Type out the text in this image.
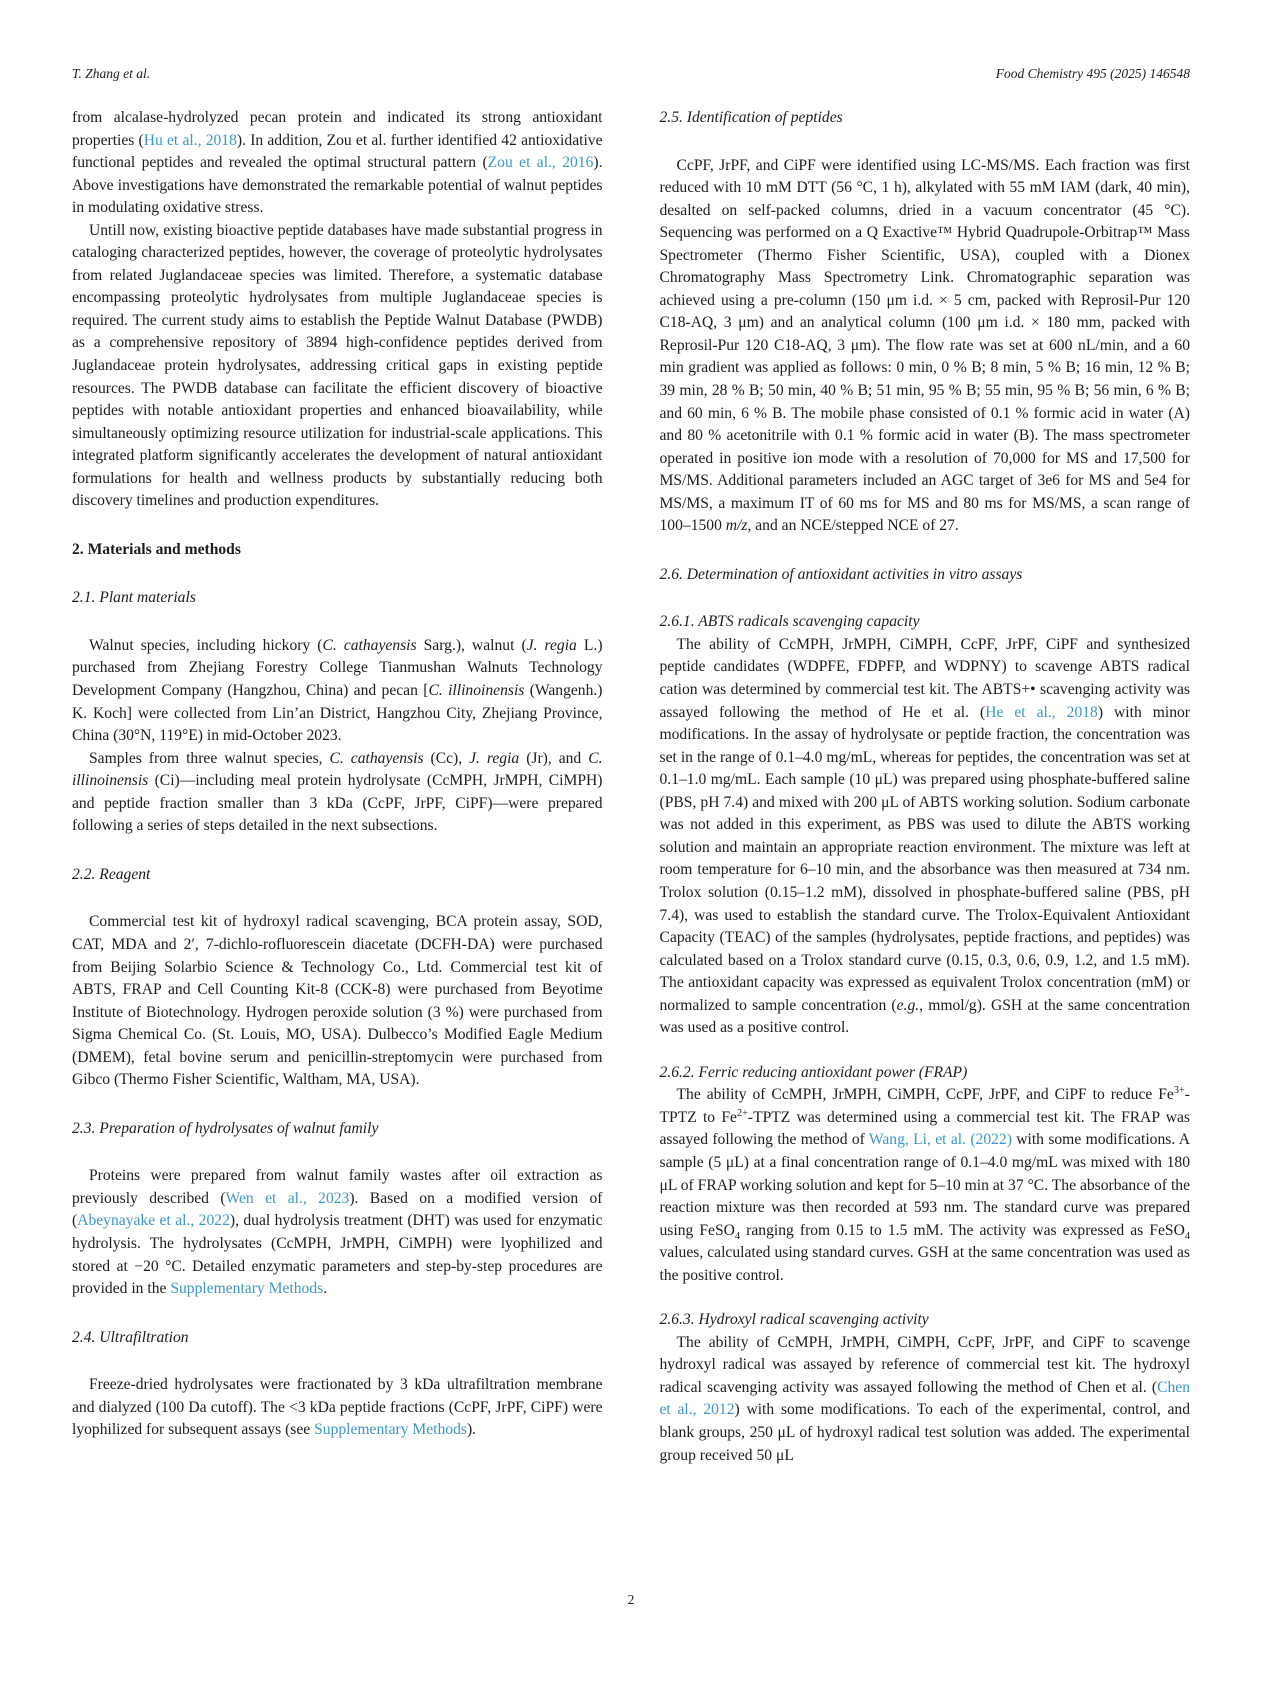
T. Zhang et al.	Food Chemistry 495 (2025) 146548

from alcalase-hydrolyzed pecan protein and indicated its strong antioxidant properties (Hu et al., 2018). In addition, Zou et al. further identified 42 antioxidative functional peptides and revealed the optimal structural pattern (Zou et al., 2016). Above investigations have demonstrated the remarkable potential of walnut peptides in modulating oxidative stress.

Untill now, existing bioactive peptide databases have made substantial progress in cataloging characterized peptides, however, the coverage of proteolytic hydrolysates from related Juglandaceae species was limited. Therefore, a systematic database encompassing proteolytic hydrolysates from multiple Juglandaceae species is required. The current study aims to establish the Peptide Walnut Database (PWDB) as a comprehensive repository of 3894 high-confidence peptides derived from Juglandaceae protein hydrolysates, addressing critical gaps in existing peptide resources. The PWDB database can facilitate the efficient discovery of bioactive peptides with notable antioxidant properties and enhanced bioavailability, while simultaneously optimizing resource utilization for industrial-scale applications. This integrated platform significantly accelerates the development of natural antioxidant formulations for health and wellness products by substantially reducing both discovery timelines and production expenditures.

2. Materials and methods
2.1. Plant materials

Walnut species, including hickory (C. cathayensis Sarg.), walnut (J. regia L.) purchased from Zhejiang Forestry College Tianmushan Walnuts Technology Development Company (Hangzhou, China) and pecan [C. illinoinensis (Wangenh.) K. Koch] were collected from Lin’an District, Hangzhou City, Zhejiang Province, China (30°N, 119°E) in mid-October 2023.

Samples from three walnut species, C. cathayensis (Cc), J. regia (Jr), and C. illinoinensis (Ci)—including meal protein hydrolysate (CcMPH, JrMPH, CiMPH) and peptide fraction smaller than 3 kDa (CcPF, JrPF, CiPF)—were prepared following a series of steps detailed in the next subsections.

2.2. Reagent

Commercial test kit of hydroxyl radical scavenging, BCA protein assay, SOD, CAT, MDA and 2′, 7-dichlo-rofluorescein diacetate (DCFH-DA) were purchased from Beijing Solarbio Science & Technology Co., Ltd. Commercial test kit of ABTS, FRAP and Cell Counting Kit-8 (CCK-8) were purchased from Beyotime Institute of Biotechnology. Hydrogen peroxide solution (3 %) were purchased from Sigma Chemical Co. (St. Louis, MO, USA). Dulbecco’s Modified Eagle Medium (DMEM), fetal bovine serum and penicillin-streptomycin were purchased from Gibco (Thermo Fisher Scientific, Waltham, MA, USA).

2.3. Preparation of hydrolysates of walnut family

Proteins were prepared from walnut family wastes after oil extraction as previously described (Wen et al., 2023). Based on a modified version of (Abeynayake et al., 2022), dual hydrolysis treatment (DHT) was used for enzymatic hydrolysis. The hydrolysates (CcMPH, JrMPH, CiMPH) were lyophilized and stored at −20 °C. Detailed enzymatic parameters and step-by-step procedures are provided in the Supplementary Methods.

2.4. Ultrafiltration

Freeze-dried hydrolysates were fractionated by 3 kDa ultrafiltration membrane and dialyzed (100 Da cutoff). The <3 kDa peptide fractions (CcPF, JrPF, CiPF) were lyophilized for subsequent assays (see Supplementary Methods).

2.5. Identification of peptides

CcPF, JrPF, and CiPF were identified using LC-MS/MS. Each fraction was first reduced with 10 mM DTT (56 °C, 1 h), alkylated with 55 mM IAM (dark, 40 min), desalted on self-packed columns, dried in a vacuum concentrator (45 °C). Sequencing was performed on a Q Exactive™ Hybrid Quadrupole-Orbitrap™ Mass Spectrometer (Thermo Fisher Scientific, USA), coupled with a Dionex Chromatography Mass Spectrometry Link. Chromatographic separation was achieved using a pre-column (150 μm i.d. × 5 cm, packed with Reprosil-Pur 120 C18-AQ, 3 μm) and an analytical column (100 μm i.d. × 180 mm, packed with Reprosil-Pur 120 C18-AQ, 3 μm). The flow rate was set at 600 nL/min, and a 60 min gradient was applied as follows: 0 min, 0 % B; 8 min, 5 % B; 16 min, 12 % B; 39 min, 28 % B; 50 min, 40 % B; 51 min, 95 % B; 55 min, 95 % B; 56 min, 6 % B; and 60 min, 6 % B. The mobile phase consisted of 0.1 % formic acid in water (A) and 80 % acetonitrile with 0.1 % formic acid in water (B). The mass spectrometer operated in positive ion mode with a resolution of 70,000 for MS and 17,500 for MS/MS. Additional parameters included an AGC target of 3e6 for MS and 5e4 for MS/MS, a maximum IT of 60 ms for MS and 80 ms for MS/MS, a scan range of 100–1500 m/z, and an NCE/stepped NCE of 27.

2.6. Determination of antioxidant activities in vitro assays
2.6.1. ABTS radicals scavenging capacity

The ability of CcMPH, JrMPH, CiMPH, CcPF, JrPF, CiPF and synthesized peptide candidates (WDPFE, FDPFP, and WDPNY) to scavenge ABTS radical cation was determined by commercial test kit. The ABTS+• scavenging activity was assayed following the method of He et al. (He et al., 2018) with minor modifications. In the assay of hydrolysate or peptide fraction, the concentration was set in the range of 0.1–4.0 mg/mL, whereas for peptides, the concentration was set at 0.1–1.0 mg/mL. Each sample (10 μL) was prepared using phosphate-buffered saline (PBS, pH 7.4) and mixed with 200 μL of ABTS working solution. Sodium carbonate was not added in this experiment, as PBS was used to dilute the ABTS working solution and maintain an appropriate reaction environment. The mixture was left at room temperature for 6–10 min, and the absorbance was then measured at 734 nm. Trolox solution (0.15–1.2 mM), dissolved in phosphate-buffered saline (PBS, pH 7.4), was used to establish the standard curve. The Trolox-Equivalent Antioxidant Capacity (TEAC) of the samples (hydrolysates, peptide fractions, and peptides) was calculated based on a Trolox standard curve (0.15, 0.3, 0.6, 0.9, 1.2, and 1.5 mM). The antioxidant capacity was expressed as equivalent Trolox concentration (mM) or normalized to sample concentration (e.g., mmol/g). GSH at the same concentration was used as a positive control.

2.6.2. Ferric reducing antioxidant power (FRAP)

The ability of CcMPH, JrMPH, CiMPH, CcPF, JrPF, and CiPF to reduce $Fe^{3+}$-TPTZ to $Fe^{2+}$-TPTZ was determined using a commercial test kit. The FRAP was assayed following the method of Wang, Li, et al. (2022) with some modifications. A sample (5 μL) at a final concentration range of 0.1–4.0 mg/mL was mixed with 180 μL of FRAP working solution and kept for 5–10 min at 37 °C. The absorbance of the reaction mixture was then recorded at 593 nm. The standard curve was prepared using FeSO$_4$ ranging from 0.15 to 1.5 mM. The activity was expressed as FeSO$_4$ values, calculated using standard curves. GSH at the same concentration was used as the positive control.

2.6.3. Hydroxyl radical scavenging activity

The ability of CcMPH, JrMPH, CiMPH, CcPF, JrPF, and CiPF to scavenge hydroxyl radical was assayed by reference of commercial test kit. The hydroxyl radical scavenging activity was assayed following the method of Chen et al. (Chen et al., 2012) with some modifications. To each of the experimental, control, and blank groups, 250 μL of hydroxyl radical test solution was added. The experimental group received 50 μL

2
